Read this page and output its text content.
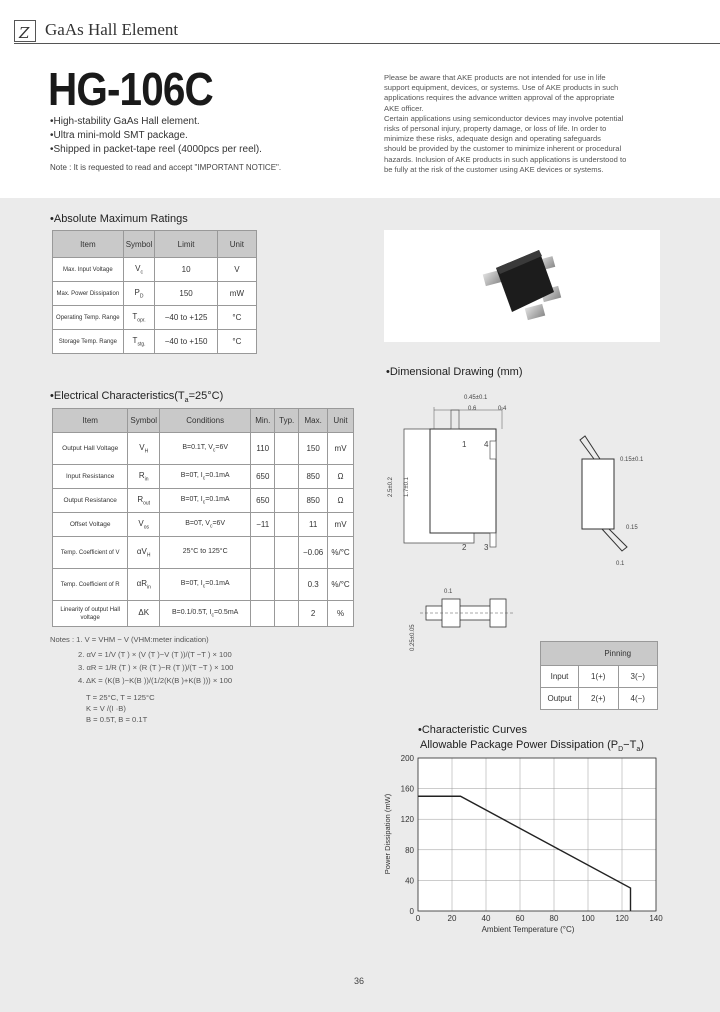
Z GaAs Hall Element
HG-106C
•High-stability GaAs Hall element.
•Ultra mini-mold SMT package.
•Shipped in packet-tape reel (4000pcs per reel).
Note : It is requested to read and accept "IMPORTANT NOTICE".

Please be aware that AKE products are not intended for use in life

support equipment, devices, or systems. Use of AKE products in such

applications requires the advance written approval of the appropriate

AKE officer.

Certain applications using semiconductor devices may involve potential

risks of personal injury, property damage, or loss of life. In order to

minimize these risks, adequate design and operating safeguards

should be provided by the customer to minimize inherent or procedural

hazards. Inclusion of AKE products in such applications is understood to

be fully at the risk of the customer using AKE devices or systems.

•Absolute Maximum Ratings
Item	Symbol	Limit	Unit
Max. Input Voltage	$V_c$	10	V
Max. Power Dissipation	$P_D$	150	mW
Operating Temp. Range	$T_{opr.}$	−40 to +125	°C
Storage Temp. Range	$T_{stg.}$	−40 to +150	°C
•Dimensional Drawing (mm)
0.45±0.1
0.6	0.4
1 4
2 3
2.5±0.2 1.7±0.1
0.15±0.1
0.15
0.1
0.1
0.25±0.05
	Pinning	
Input	1(+)	3(−)
Output	2(+)	4(−)
•Electrical $Characteristics(T_a=25^\circ C)$
Item	Symbol	Conditions	Min.	Typ.	Max.	Unit
Output Hall Voltage	$V_H$	B=0.1T, $V_c=6V$	110		150	mV
Input Resistance	$R_{in}$	B=0T, $I_c=0.1mA$	650		850	Ω
Output Resistance	$R_{out}$	B=0T, $I_c=0.1mA$	650		850	Ω
Offset Voltage	$V_{os}$	B=0T, $V_c=6V$	−11		11	mV
Temp. Coefficient of V	$\alpha V_H$	25°C to 125°C			−0.06	%/°C
Temp. Coefficient of R	$\alpha R_{in}$	B=0T, $I_c=0.1mA$			0.3	%/°C
Linearity of output Hall voltage	ΔK	B=0.1/0.5T, $I_c=0.5mA$			2	%
Notes : 1. V = VHM − V (VHM:meter indication)
2. αV = 1/V (T ) × (V (T )−V (T ))/(T −T ) × 100
3. αR = 1/R (T ) × (R (T )−R (T ))/(T −T ) × 100
4. ΔK = (K(B )−K(B ))/(1/2(K(B )+K(B ))) × 100
T = 25°C, T = 125°C
K = V /(I ·B)
B = 0.5T, B = 0.1T
•Characteristic Curves
Allowable Package Power Dissipation $(P_D-T_a)$
0
40
80
120
160
200
0	20	40	60	80	100	120	140
Ambient Temperature (°C)
Power Dissipation (mW)
36
